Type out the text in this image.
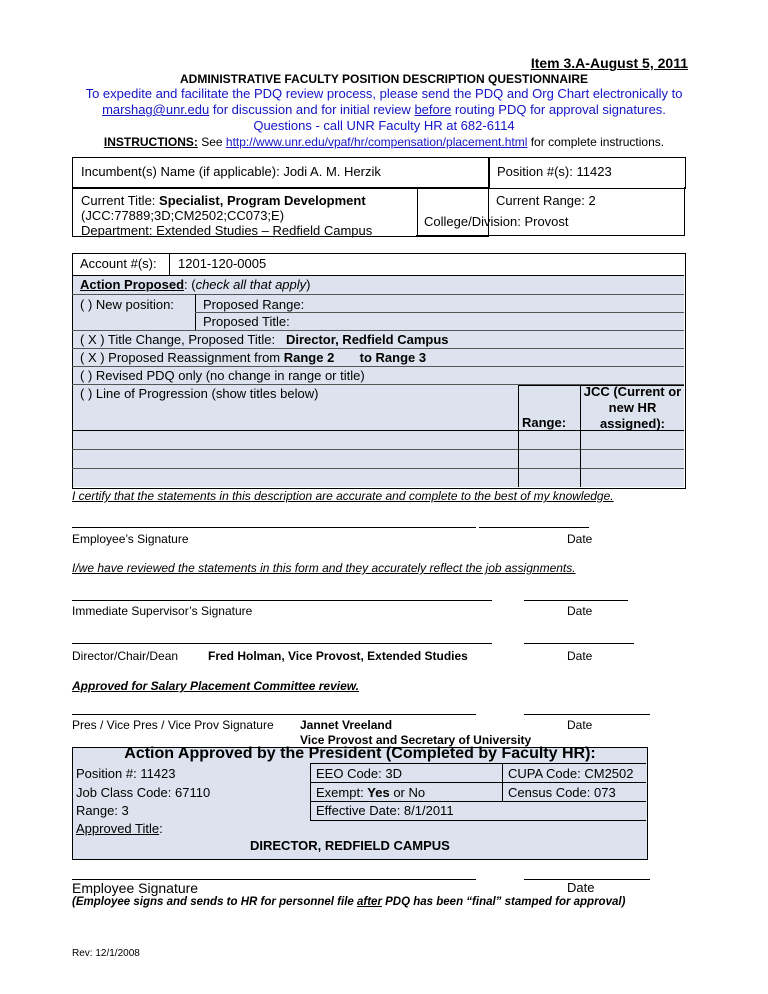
Item 3.A-August 5, 2011
ADMINISTRATIVE FACULTY POSITION DESCRIPTION QUESTIONNAIRE
To expedite and facilitate the PDQ review process, please send the PDQ and Org Chart electronically to
marshag@unr.edu for discussion and for initial review before routing PDQ for approval signatures.
Questions - call UNR Faculty HR at 682-6114
INSTRUCTIONS: See http://www.unr.edu/vpaf/hr/compensation/placement.html for complete instructions.
Incumbent(s) Name (if applicable): Jodi A. M. Herzik	Position #(s): 11423
Current Title: Specialist, Program Development
(JCC:77889;3D;CM2502;CC073;E)
Department: Extended Studies – Redfield Campus
Current Range: 2
College/Division: Provost
Account #(s): 1201-120-0005
Action Proposed: (check all that apply)
( ) New position: Proposed Range:
Proposed Title:
( X ) Title Change, Proposed Title: Director, Redfield Campus
( X ) Proposed Reassignment from Range 2 to Range 3
( ) Revised PDQ only (no change in range or title)
( ) Line of Progression (show titles below)
Range:
JCC (Current or new HR assigned):
I certify that the statements in this description are accurate and complete to the best of my knowledge.
Employee’s Signature	Date
I/we have reviewed the statements in this form and they accurately reflect the job assignments.
Immediate Supervisor’s Signature	Date
Director/Chair/Dean Fred Holman, Vice Provost, Extended Studies	Date
Approved for Salary Placement Committee review.
Pres / Vice Pres / Vice Prov Signature Jannet Vreeland
Vice Provost and Secretary of University
Date
Action Approved by the President (Completed by Faculty HR):
Position #: 11423	EEO Code: 3D	CUPA Code: CM2502
Job Class Code: 67110	Exempt: Yes or No	Census Code: 073
Range: 3	Effective Date: 8/1/2011
Approved Title:
DIRECTOR, REDFIELD CAMPUS
Employee Signature	Date
(Employee signs and sends to HR for personnel file after PDQ has been “final” stamped for approval)
Rev: 12/1/2008
